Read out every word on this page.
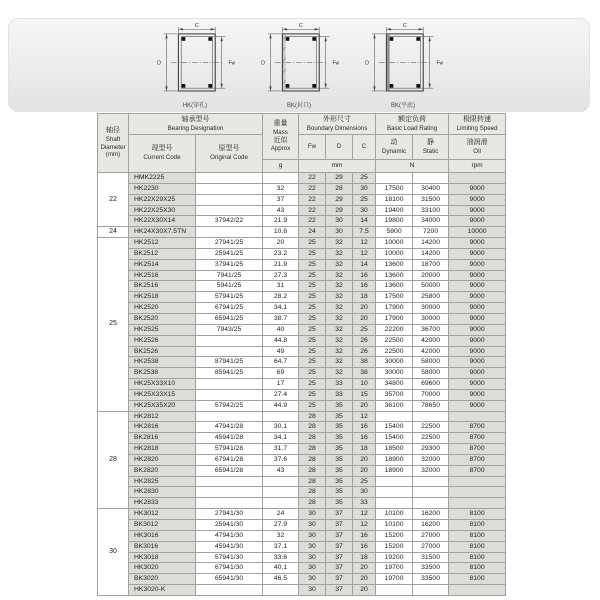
C
D	Fw
HK(穿孔)
C
D	Fw
BK(封口)
C
D	Fw
BK(平底)
轴径
Shaft
Diameter
(mm)

轴承型号
Bearing Designation

重量
Mass
近似
Approx

外形尺寸
Boundary Dimensions

额定负荷
Basic Load Rating

极限转速
Limiting Speed

现型号
Current Code

原型号
Original Code

Fw	D	C

动
Dynamic

静
Static

油润滑
Oil

			g	mm			N		rpm
22	HMK2225			22	29	25			
	HK2230		32	22	28	30	17500	30400	9000
	HK22X29X25		37	22	29	25	18100	31500	9000
	HK22X25X30		43	22	29	30	19400	33100	9000
	HK22X30X14	37942/22	21.9	22	30	14	19800	34000	9000
24	HK24X30X7.5TN		10.6	24	30	7.5	5800	7200	10000
25	HK2512	27941/25	20	25	32	12	10000	14200	9000
	BK2512	25941/25	23.2	25	32	12	10000	14200	9000
	HK2514	37941/25	21.9	25	32	14	13600	18700	9000
	HK2516	7941/25	27.3	25	32	16	13600	20000	9000
	BK2516	5941/25	31	25	32	16	13600	50000	9000
	HK2518	57941/25	28.2	25	32	18	17500	25800	9000
	HK2520	67941/25	34.1	25	32	20	17900	30000	9000
	BK2520	65941/25	38.7	25	32	20	17900	30000	9000
	HK2525	7943/25	40	25	32	25	22200	36700	9000
	HK2526		44.8	25	32	26	22500	42000	9000
	BK2526		49	25	32	26	22500	42000	9000
	HK2538	87941/25	64.7	25	32	38	30000	58000	9000
	BK2538	85941/25	69	25	32	38	30000	58000	9000
	HK25X33X10		17	25	33	10	34800	69600	9000
	HK25X33X15		27.4	25	33	15	35700	70000	9000
	HK25X35X20	57942/25	44.9	25	35	20	36100	78650	9000
28	HK2812			28	35	12			
	HK2816	47941/28	30.1	28	35	16	15400	22500	8700
	BK2816	45941/28	34.1	28	35	16	15400	22500	8700
	HK2818	57941/28	31.7	28	35	18	18500	29300	8700
	HK2820	67941/28	37.6	28	35	20	18900	32000	8700
	BK2820	65941/28	43	28	35	20	18900	32000	8700
	HK2825			28	35	25			
	HK2830			28	35	30			
	HK2833			28	35	33			
30	HK3012	27941/30	24	30	37	12	10100	16200	8100
	BK3012	25941/30	27.9	30	37	12	10100	16200	8100
	HK3016	47941/30	32	30	37	16	15200	27000	8100
	BK3016	45941/30	37.1	30	37	16	15200	27000	8100
	HK3018	57941/30	33.6	30	37	18	19200	31500	8100
	HK3020	67941/30	40.1	30	37	20	19700	33500	8100
	BK3020	65941/30	46.5	30	37	20	19700	33500	8100
	HK3020-K			30	37	20			
